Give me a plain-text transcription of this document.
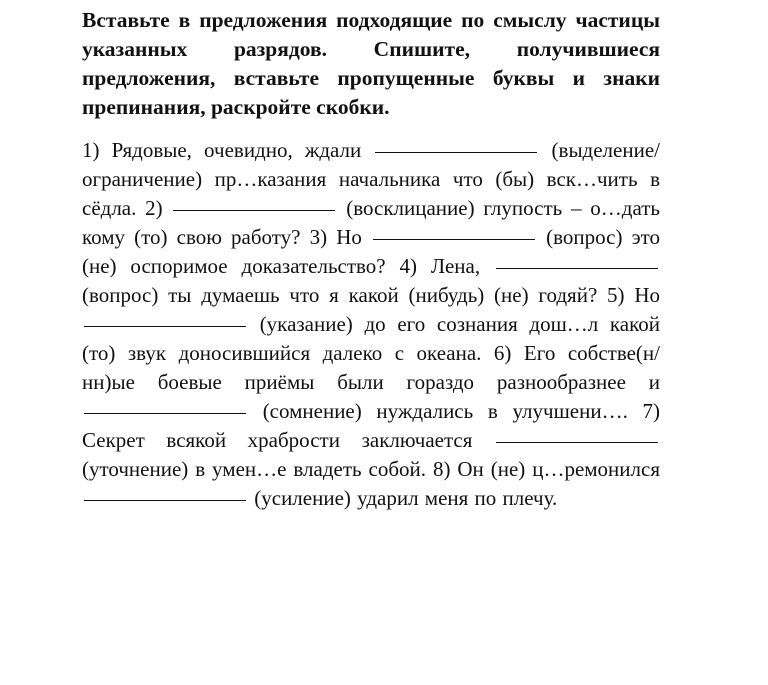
Вставьте в предложения подходящие по смыслу частицы указанных разрядов. Спишите, получившиеся предложения, вставьте пропущенные буквы и знаки препинания, раскройте скобки.

1) Рядовые, очевидно, ждали	(выделение/ограничение) пр…казания начальника что (бы) вск…чить в сёдла. 2)	(восклицание) глупость – о…дать кому (то) свою работу? 3) Но	(вопрос) это (не) оспоримое доказательство? 4) Лена,  (вопрос) ты думаешь что я какой (нибудь) (не) годяй? 5) Но  (указание) до его сознания дош…л какой (то) звук доносившийся далеко с океана. 6) Его собстве(н/нн)ые боевые приёмы были гораздо разнообразнее и  (сомнение) нуждались в улучшени…. 7) Секрет всякой храбрости заключается  (уточнение) в умен…е владеть собой. 8) Он (не) ц…ремонился  (усиление) ударил меня по плечу.
